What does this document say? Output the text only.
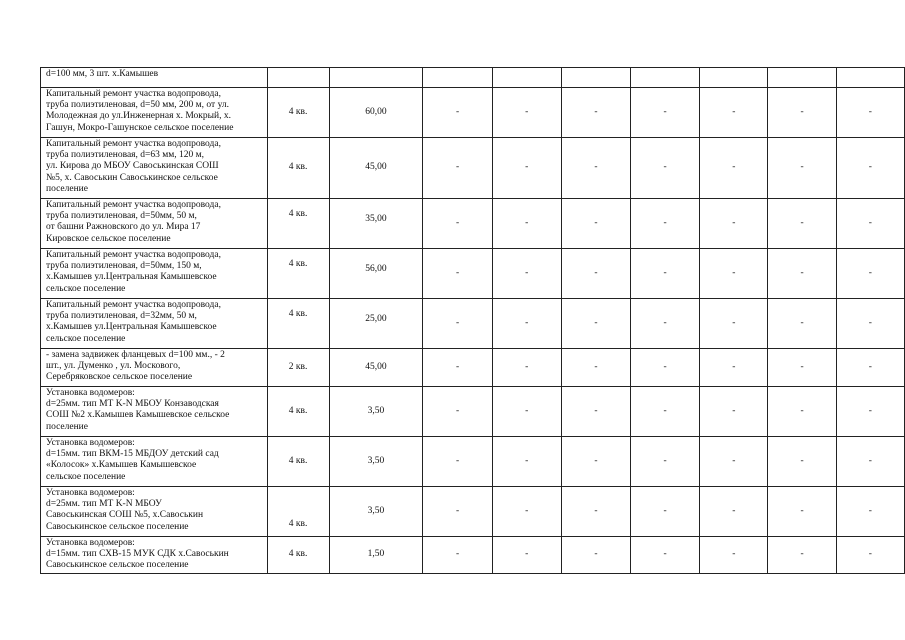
d=100 мм, 3 шт. х.Камышев									

Капитальный ремонт участка водопровода,
труба полиэтиленовая, d=50 мм, 200 м, от ул.
Молодежная до ул.Инженерная х. Мокрый, х.
Гашун, Мокро-Гашунское сельское поселение	4 кв.	60,00	-	-	-	-	-	-	-

Капитальный ремонт участка водопровода,
труба полиэтиленовая, d=63 мм, 120 м,
ул. Кирова до МБОУ Савоськинская СОШ
№5, х. Савоськин Савоськинское сельское
поселение	4 кв.	45,00	-	-	-	-	-	-	-

Капитальный ремонт участка водопровода,
труба полиэтиленовая, d=50мм, 50 м,
от башни Ражновского до ул. Мира 17
Кировское сельское поселение	4 кв.	35,00	-	-	-	-	-	-	-

Капитальный ремонт участка водопровода,
труба полиэтиленовая, d=50мм, 150 м,
х.Камышев ул.Центральная Камышевское
сельское поселение	4 кв.	56,00	-	-	-	-	-	-	-

Капитальный ремонт участка водопровода,
труба полиэтиленовая, d=32мм, 50 м,
х.Камышев ул.Центральная Камышевское
сельское поселение	4 кв.	25,00	-	-	-	-	-	-	-

- замена задвижек фланцевых d=100 мм., - 2
шт., ул. Думенко , ул. Москового,
Серебряковское сельское поселение	2 кв.	45,00	-	-	-	-	-	-	-

Установка водомеров:
d=25мм. тип МТ K-N МБОУ Конзаводская
СОШ №2 х.Камышев Камышевское сельское
поселение	4 кв.	3,50	-	-	-	-	-	-	-

Установка водомеров:
d=15мм. тип ВКМ-15 МБДОУ детский сад
«Колосок» х.Камышев Камышевское
сельское поселение	4 кв.	3,50	-	-	-	-	-	-	-

Установка водомеров:
d=25мм. тип МТ K-N МБОУ
Савоськинская СОШ №5, х.Савоськин
Савоськинское сельское поселение	4 кв.	3,50	-	-	-	-	-	-	-

Установка водомеров:
d=15мм. тип СХВ-15 МУК СДК х.Савоськин
Савоськинское сельское поселение	4 кв.	1,50	-	-	-	-	-	-	-
